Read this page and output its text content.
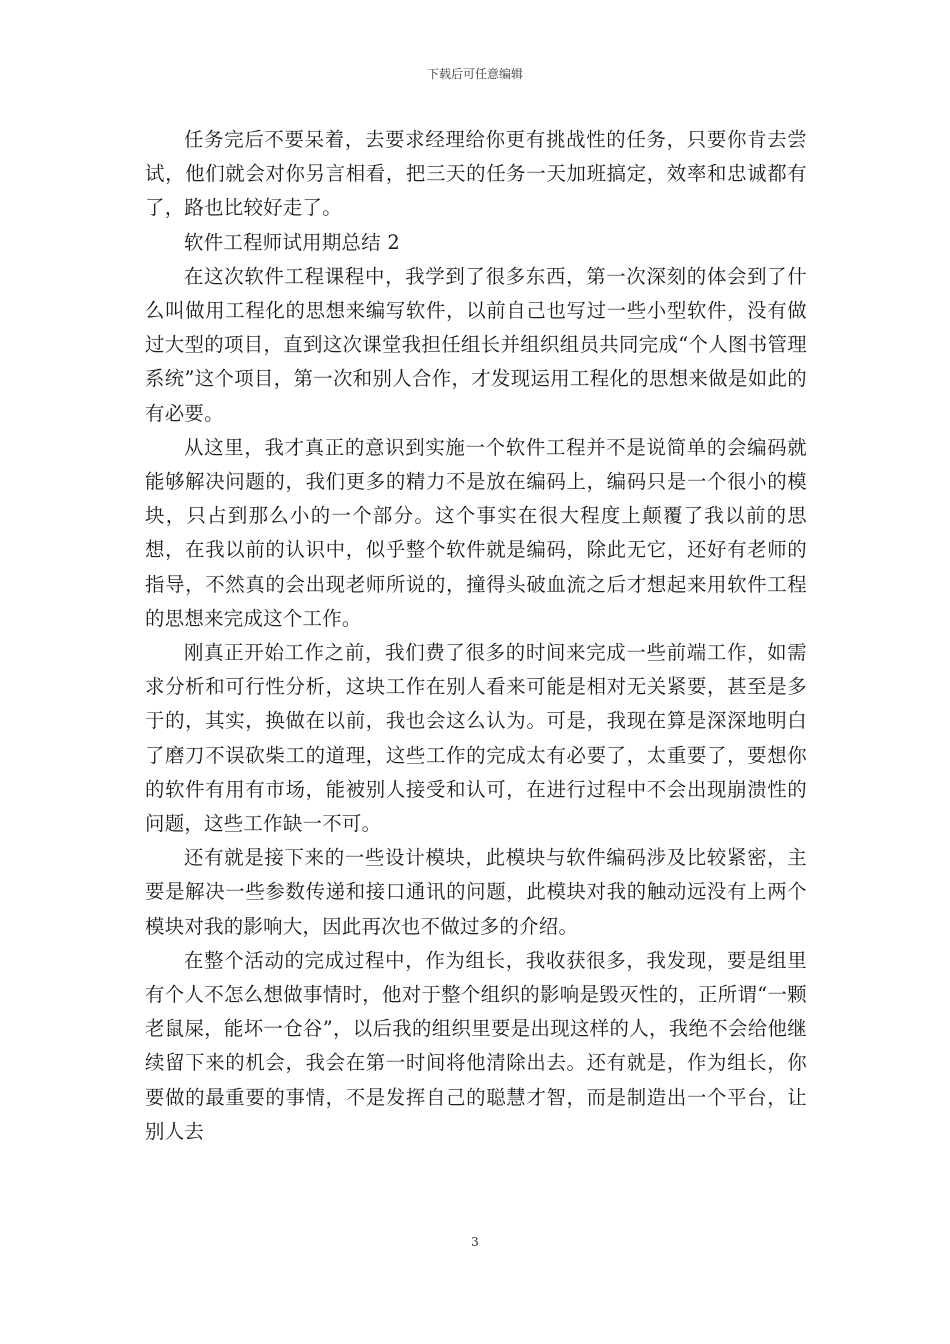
下载后可任意编辑

任务完后不要呆着，去要求经理给你更有挑战性的任务，只要你肯去尝试，他们就会对你另言相看，把三天的任务一天加班搞定，效率和忠诚都有了，路也比较好走了。

软件工程师试用期总结 2

在这次软件工程课程中，我学到了很多东西，第一次深刻的体会到了什么叫做用工程化的思想来编写软件，以前自己也写过一些小型软件，没有做过大型的项目，直到这次课堂我担任组长并组织组员共同完成“个人图书管理系统”这个项目，第一次和别人合作，才发现运用工程化的思想来做是如此的有必要。

从这里，我才真正的意识到实施一个软件工程并不是说简单的会编码就能够解决问题的，我们更多的精力不是放在编码上，编码只是一个很小的模块，只占到那么小的一个部分。这个事实在很大程度上颠覆了我以前的思想，在我以前的认识中，似乎整个软件就是编码，除此无它，还好有老师的指导，不然真的会出现老师所说的，撞得头破血流之后才想起来用软件工程的思想来完成这个工作。

刚真正开始工作之前，我们费了很多的时间来完成一些前端工作，如需求分析和可行性分析，这块工作在别人看来可能是相对无关紧要，甚至是多于的，其实，换做在以前，我也会这么认为。可是，我现在算是深深地明白了磨刀不误砍柴工的道理，这些工作的完成太有必要了，太重要了，要想你的软件有用有市场，能被别人接受和认可，在进行过程中不会出现崩溃性的问题，这些工作缺一不可。

还有就是接下来的一些设计模块，此模块与软件编码涉及比较紧密，主要是解决一些参数传递和接口通讯的问题，此模块对我的触动远没有上两个模块对我的影响大，因此再次也不做过多的介绍。

在整个活动的完成过程中，作为组长，我收获很多，我发现，要是组里有个人不怎么想做事情时，他对于整个组织的影响是毁灭性的，正所谓“一颗老鼠屎，能坏一仓谷”，以后我的组织里要是出现这样的人，我绝不会给他继续留下来的机会，我会在第一时间将他清除出去。还有就是，作为组长，你要做的最重要的事情，不是发挥自己的聪慧才智，而是制造出一个平台，让别人去

3
